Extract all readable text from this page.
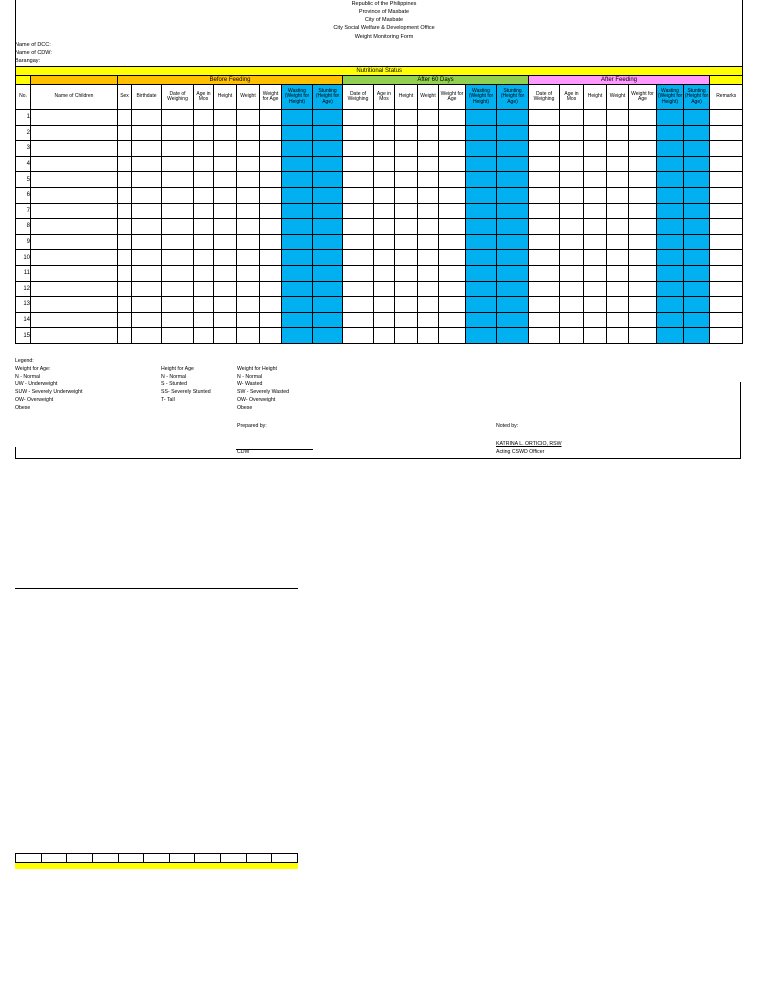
Republic of the Philippines
Province of Masbate
City of Masbate
City Social Welfare & Development Office
Weight Monitoring Form
Name of DCC:
Name of CDW:
Barangay:
Nutritional Status																									
		Before Feeding									After 60 Days							After Feeding							
No.	Name of Children	Sex	Birthdate	Date of Weighing	Age in Mos	Height	Weight	Weight for Age	Wasting (Weight for Height)	Stunting (Height for Age)	Date of Weighing	Age in Mos	Height	Weight	Weight for Age	Wasting (Weight for Height)	Stunting (Height for Age)	Date of Weighing	Age in Mos	Height	Weight	Weight for Age	Wasting (Weight for Height)	Stunting (Height for Age)	Remarks
1																									
2																									
3																									
4																									
5																									
6																									
7																									
8																									
9																									
10																									
11																									
12																									
13																									
14																									
15																									
Legend:
Weight for Age:
N - Normal
UW - Underweight
SUW - Severely Underweight
OW- Overweight
Obese
Height for Age
N - Normal
S - Stunted
SS- Severely Stunted
T- Tall
Weight for Height
N - Normal
W- Wasted
SW - Severely Wasted
OW- Overweight
Obese
Prepared by:
CDW
Noted by:
KATRINA L. ORTICIO, RSW
Acting CSWD Officer
